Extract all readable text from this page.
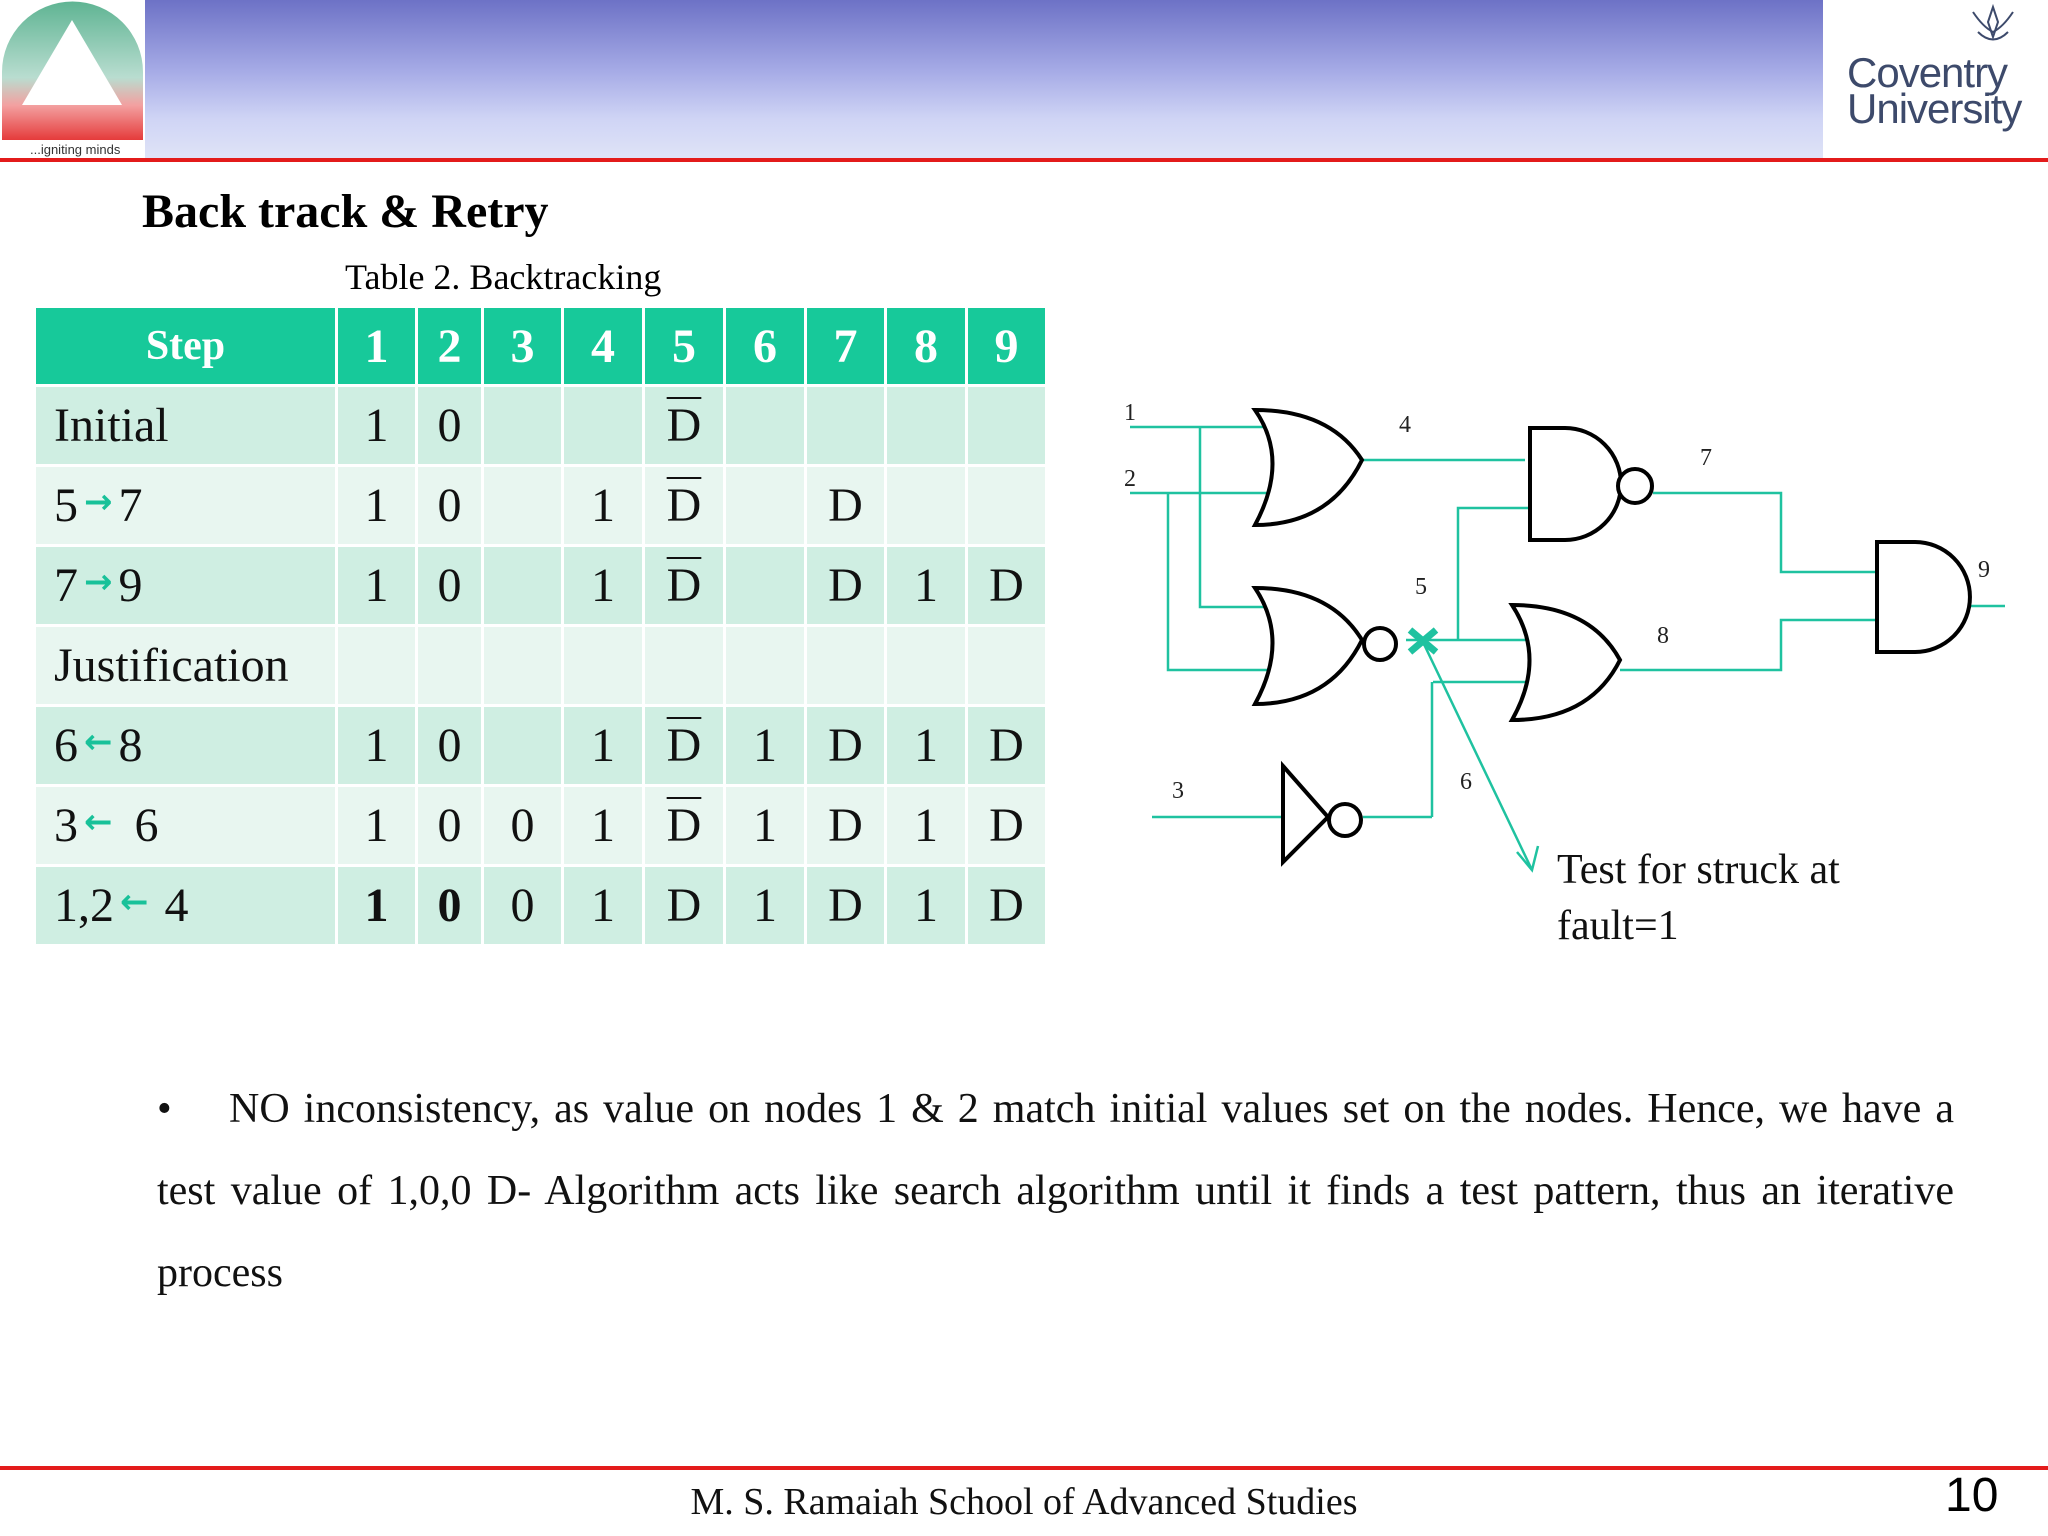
...igniting minds
Coventry
University
Back track & Retry
Table 2. Backtracking
Step	1	2	3	4	5	6	7	8	9
Initial	1	0			$\overline{D}$				
5 → 7	1	0		1	$\overline{D}$		D		
7 → 9	1	0		1	$\overline{D}$		D	1	D
Justification									
6 ← 8	1	0		1	$\overline{D}$	1	D	1	D
3 ← 6	1	0	0	1	$\overline{D}$	1	D	1	D
1,2 ← 4	1	0	0	1	D	1	D	1	D
1
2
3
4
5
6
7
8
9
Test for struck at
fault=1
• NO inconsistency, as value on nodes 1 & 2 match initial values set on the nodes. Hence, we have a test value of 1,0,0 D- Algorithm acts like search algorithm until it finds a test pattern, thus an iterative process
M. S. Ramaiah School of Advanced Studies	10
